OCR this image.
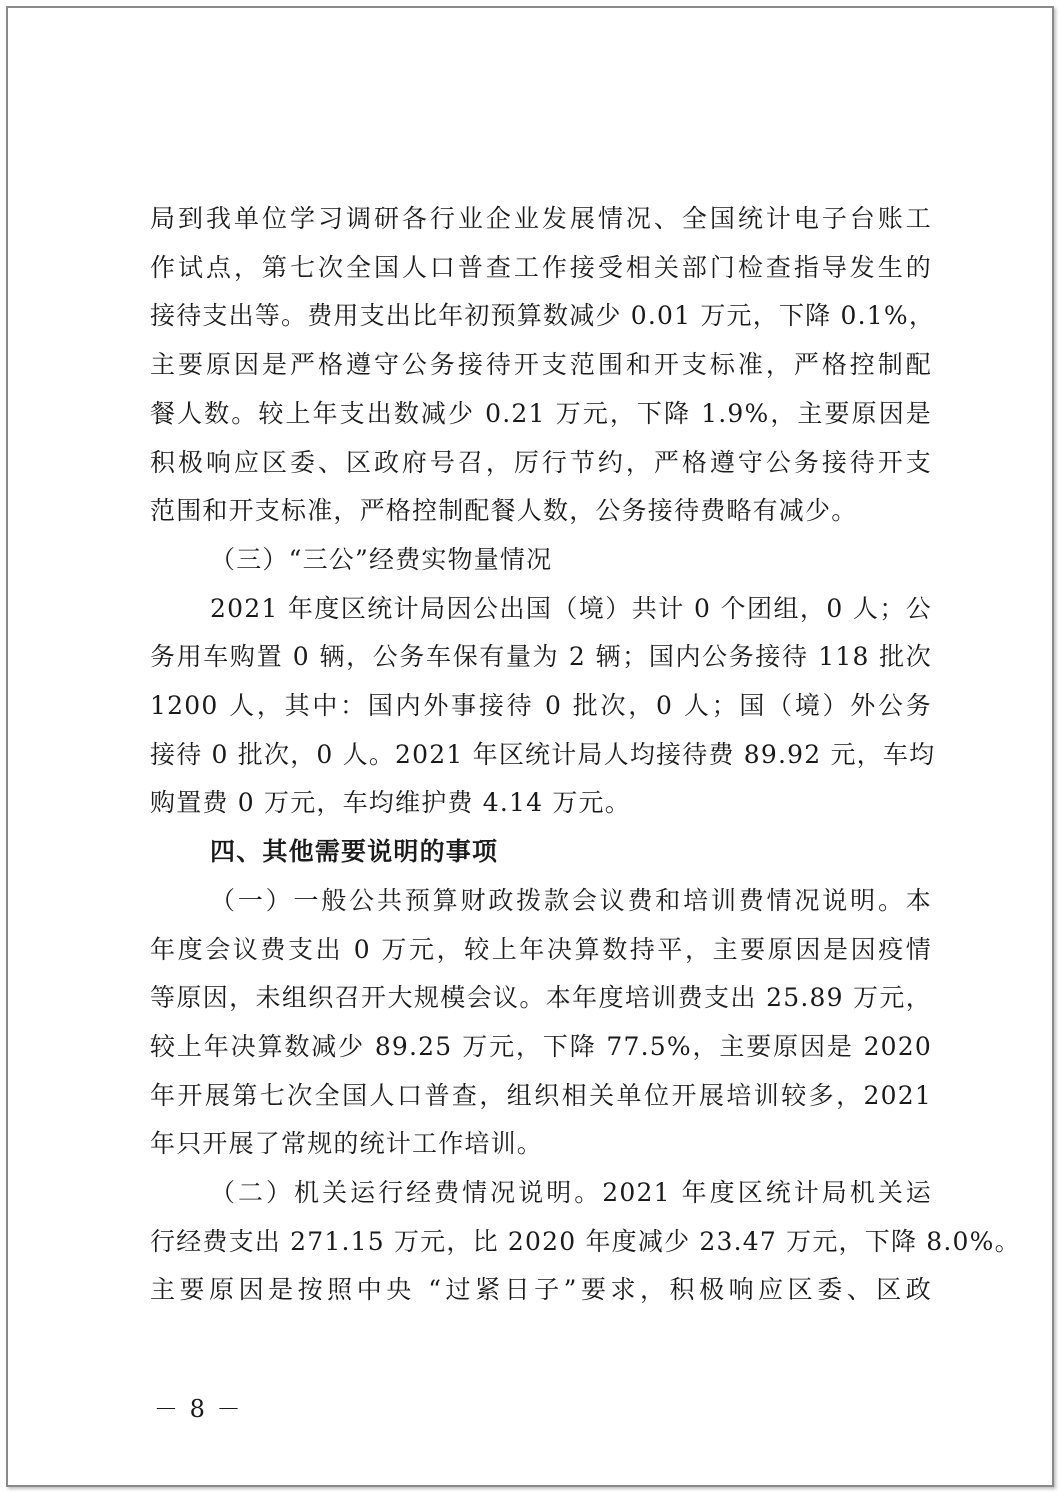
局到我单位学习调研各行业企业发展情况、全国统计电子台账工

作试点，第七次全国人口普查工作接受相关部门检查指导发生的

接待支出等。费用支出比年初预算数减少 0.01 万元，下降 0.1%，

主要原因是严格遵守公务接待开支范围和开支标准，严格控制配

餐人数。较上年支出数减少 0.21 万元，下降 1.9%，主要原因是

积极响应区委、区政府号召，厉行节约，严格遵守公务接待开支

范围和开支标准，严格控制配餐人数，公务接待费略有减少。

（三）“三公”经费实物量情况

2021 年度区统计局因公出国（境）共计 0 个团组，0 人；公

务用车购置 0 辆，公务车保有量为 2 辆；国内公务接待 118 批次

1200 人，其中：国内外事接待 0 批次，0 人；国（境）外公务

接待 0 批次，0 人。2021 年区统计局人均接待费 89.92 元，车均

购置费 0 万元，车均维护费 4.14 万元。

四、其他需要说明的事项

（一）一般公共预算财政拨款会议费和培训费情况说明。本

年度会议费支出 0 万元，较上年决算数持平，主要原因是因疫情

等原因，未组织召开大规模会议。本年度培训费支出 25.89 万元，

较上年决算数减少 89.25 万元，下降 77.5%，主要原因是 2020

年开展第七次全国人口普查，组织相关单位开展培训较多，2021

年只开展了常规的统计工作培训。

（二）机关运行经费情况说明。2021 年度区统计局机关运

行经费支出 271.15 万元，比 2020 年度减少 23.47 万元，下降 8.0%。

主要原因是按照中央 “过紧日子”要求，积极响应区委、区政

－ 8 －
